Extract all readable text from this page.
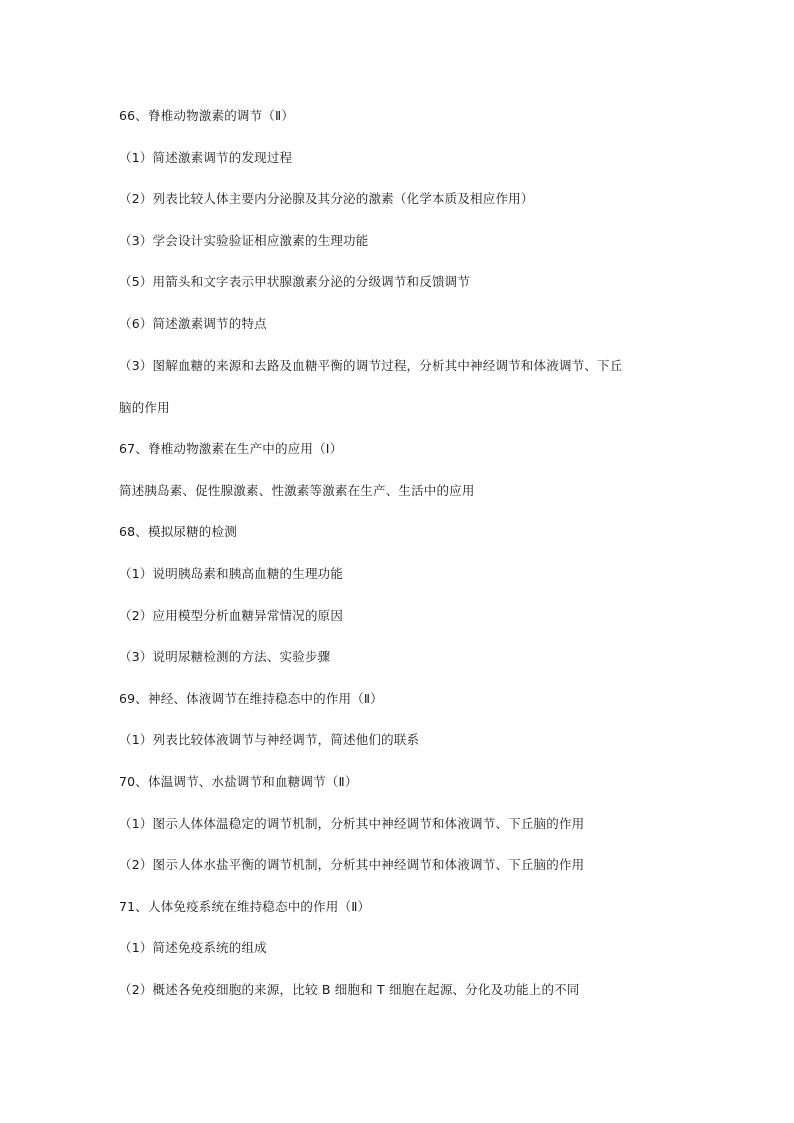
66、脊椎动物激素的调节（Ⅱ）
（1）简述激素调节的发现过程
（2）列表比较人体主要内分泌腺及其分泌的激素（化学本质及相应作用）
（3）学会设计实验验证相应激素的生理功能
（5）用箭头和文字表示甲状腺激素分泌的分级调节和反馈调节
（6）简述激素调节的特点
（3）图解血糖的来源和去路及血糖平衡的调节过程，分析其中神经调节和体液调节、下丘
脑的作用
67、脊椎动物激素在生产中的应用（Ⅰ）
简述胰岛素、促性腺激素、性激素等激素在生产、生活中的应用
68、模拟尿糖的检测
（1）说明胰岛素和胰高血糖的生理功能
（2）应用模型分析血糖异常情况的原因
（3）说明尿糖检测的方法、实验步骤
69、神经、体液调节在维持稳态中的作用（Ⅱ）
（1）列表比较体液调节与神经调节，简述他们的联系
70、体温调节、水盐调节和血糖调节（Ⅱ）
（1）图示人体体温稳定的调节机制，分析其中神经调节和体液调节、下丘脑的作用
（2）图示人体水盐平衡的调节机制，分析其中神经调节和体液调节、下丘脑的作用
71、人体免疫系统在维持稳态中的作用（Ⅱ）
（1）简述免疫系统的组成
（2）概述各免疫细胞的来源，比较 B 细胞和 T 细胞在起源、分化及功能上的不同
